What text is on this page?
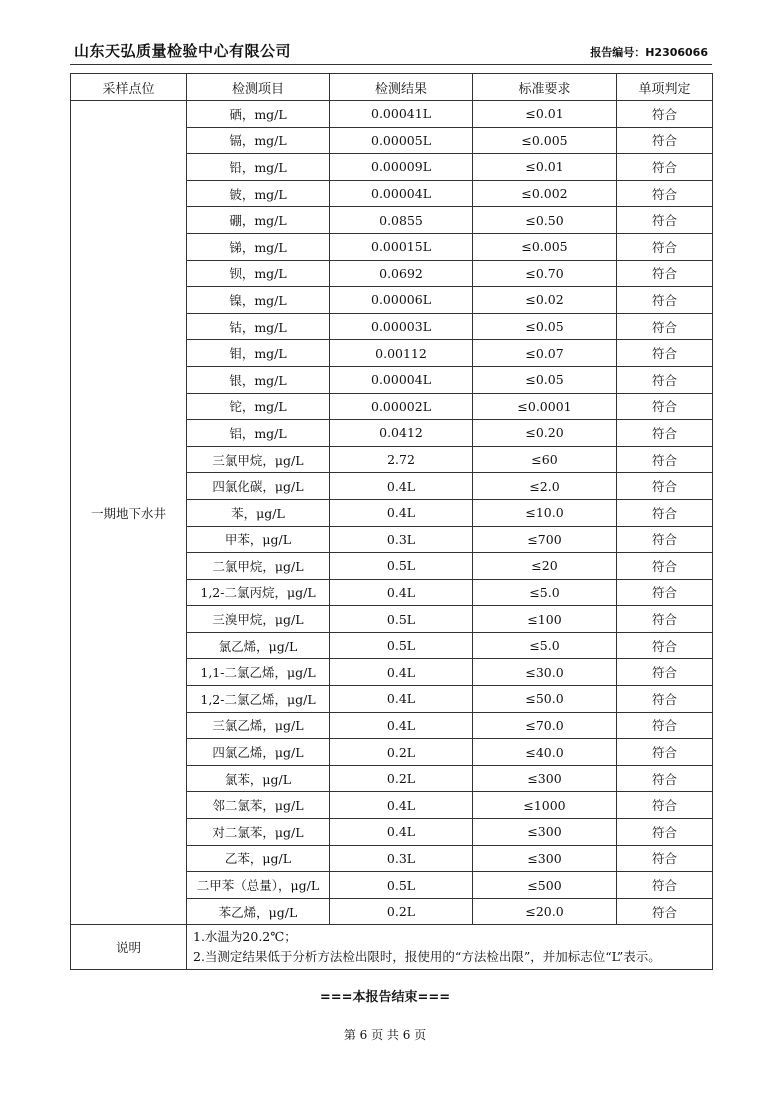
山东天弘质量检验中心有限公司	报告编号：H2306066
采样点位	检测项目	检测结果	标准要求	单项判定
一期地下水井	硒，mg/L	0.00041L	≤0.01	符合
	镉，mg/L	0.00005L	≤0.005	符合
	铅，mg/L	0.00009L	≤0.01	符合
	铍，mg/L	0.00004L	≤0.002	符合
	硼，mg/L	0.0855	≤0.50	符合
	锑，mg/L	0.00015L	≤0.005	符合
	钡，mg/L	0.0692	≤0.70	符合
	镍，mg/L	0.00006L	≤0.02	符合
	钴，mg/L	0.00003L	≤0.05	符合
	钼，mg/L	0.00112	≤0.07	符合
	银，mg/L	0.00004L	≤0.05	符合
	铊，mg/L	0.00002L	≤0.0001	符合
	铝，mg/L	0.0412	≤0.20	符合
	三氯甲烷，μg/L	2.72	≤60	符合
	四氯化碳，μg/L	0.4L	≤2.0	符合
	苯，μg/L	0.4L	≤10.0	符合
	甲苯，μg/L	0.3L	≤700	符合
	二氯甲烷，μg/L	0.5L	≤20	符合
	1,2-二氯丙烷，μg/L	0.4L	≤5.0	符合
	三溴甲烷，μg/L	0.5L	≤100	符合
	氯乙烯，μg/L	0.5L	≤5.0	符合
	1,1-二氯乙烯，μg/L	0.4L	≤30.0	符合
	1,2-二氯乙烯，μg/L	0.4L	≤50.0	符合
	三氯乙烯，μg/L	0.4L	≤70.0	符合
	四氯乙烯，μg/L	0.2L	≤40.0	符合
	氯苯，μg/L	0.2L	≤300	符合
	邻二氯苯，μg/L	0.4L	≤1000	符合
	对二氯苯，μg/L	0.4L	≤300	符合
	乙苯，μg/L	0.3L	≤300	符合
	二甲苯（总量），μg/L	0.5L	≤500	符合
	苯乙烯，μg/L	0.2L	≤20.0	符合
说明	1.水温为20.2℃；
2.当测定结果低于分析方法检出限时，报使用的“方法检出限”，并加标志位“L”表示。			
===本报告结束===
第 6 页 共 6 页
